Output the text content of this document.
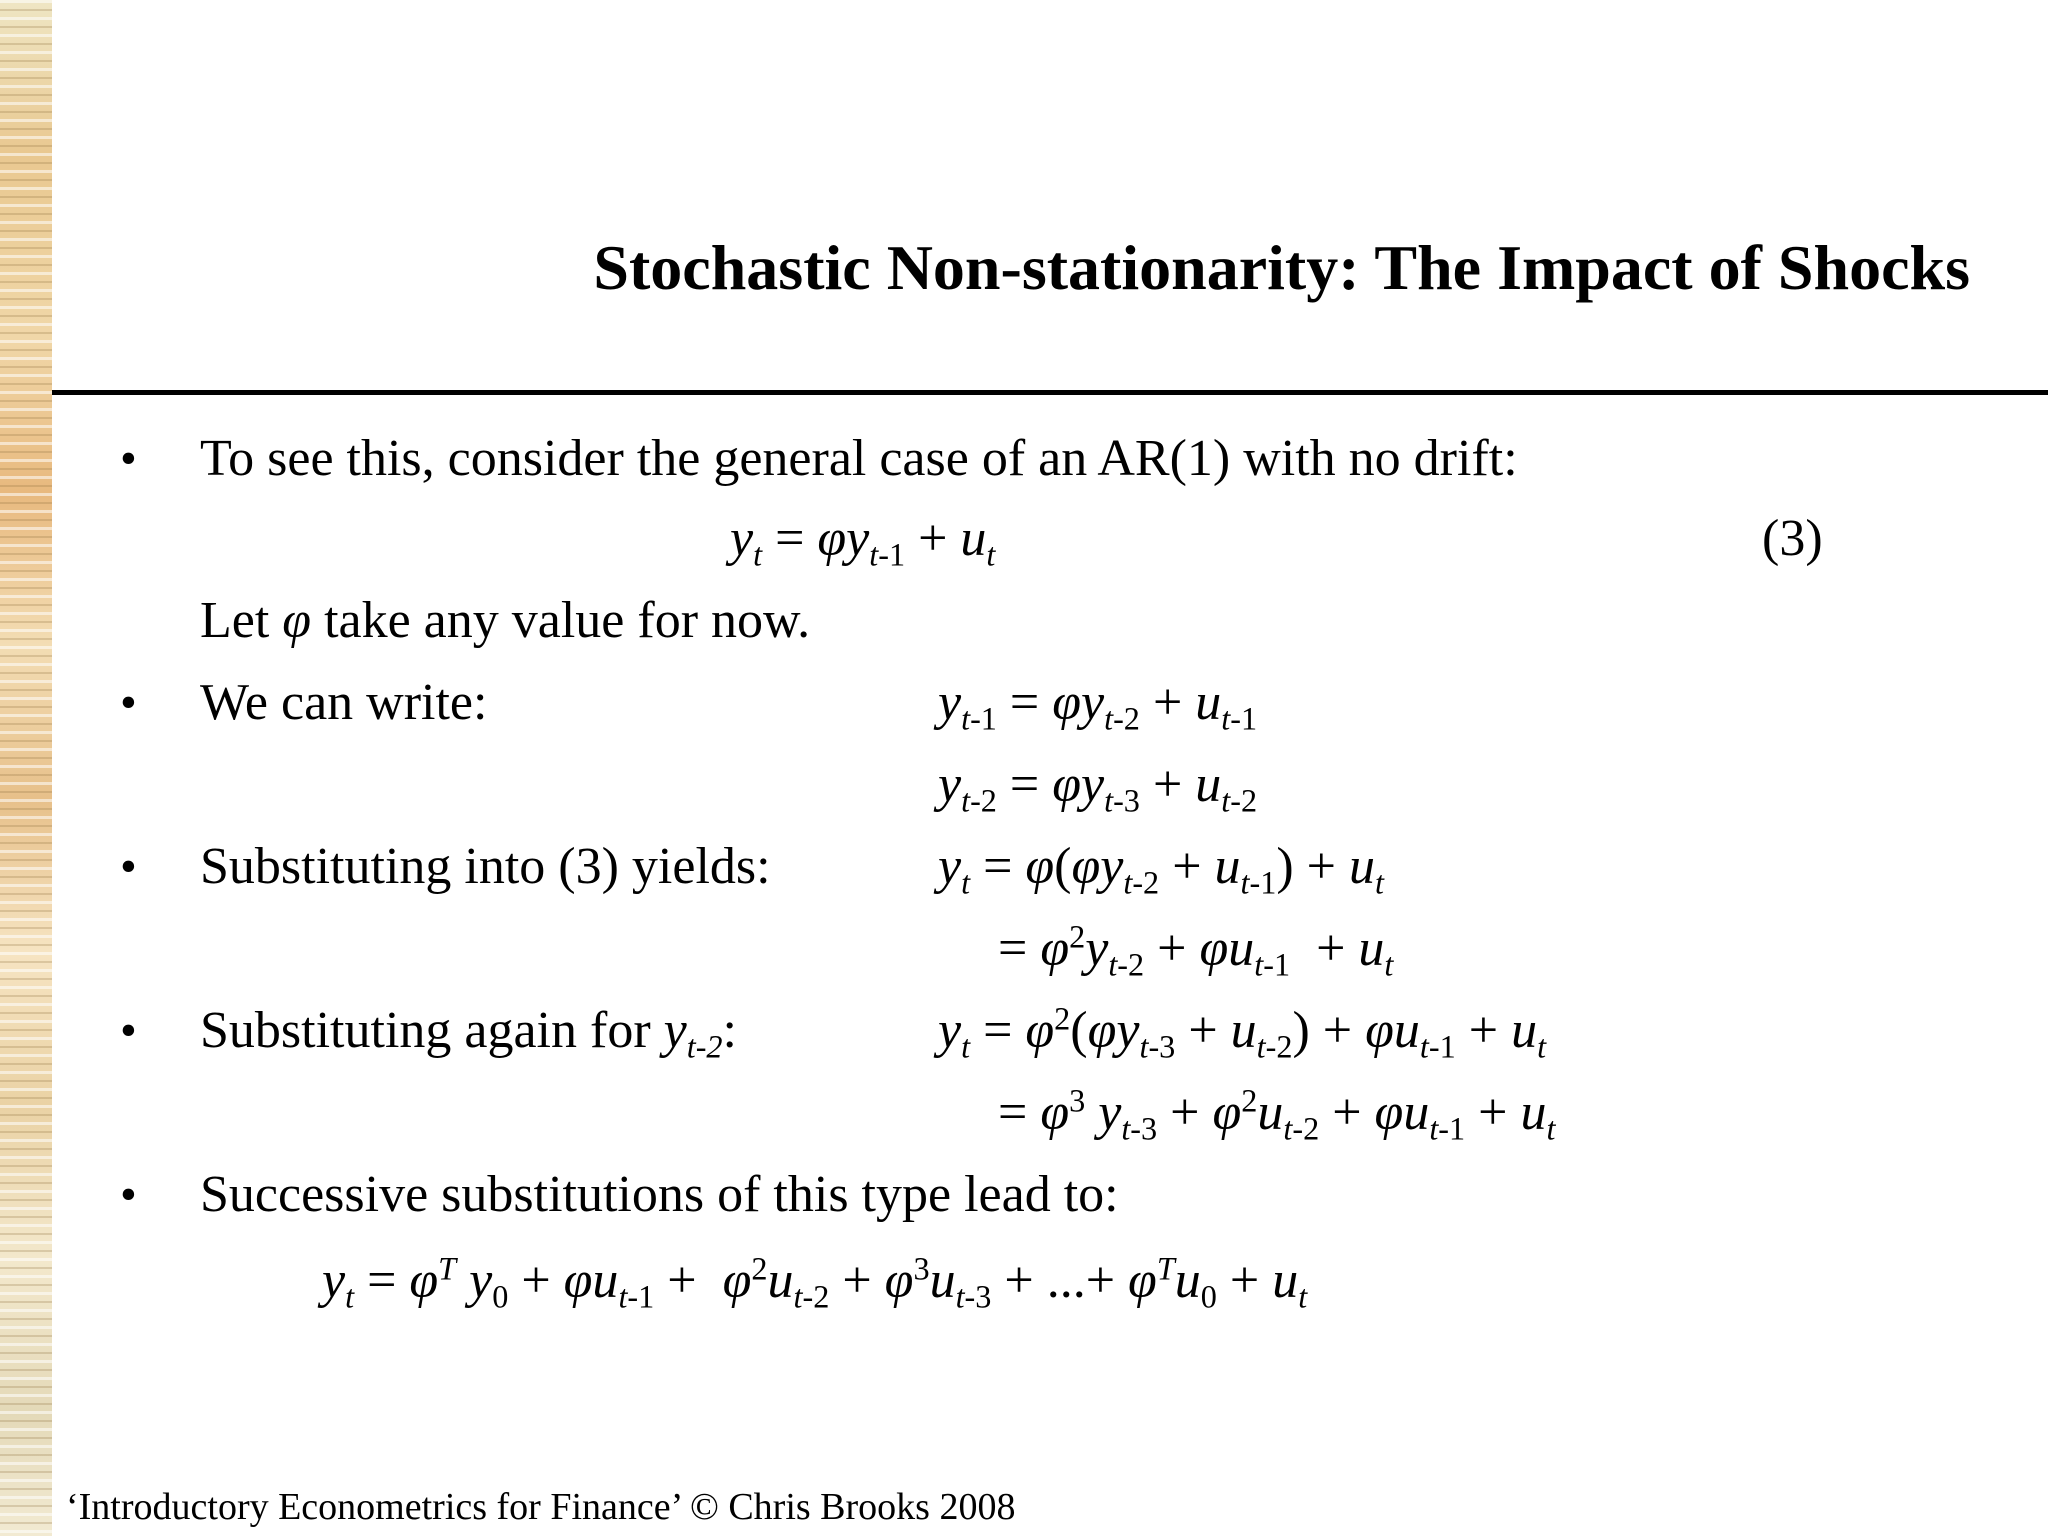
Stochastic Non-stationarity: The Impact of Shocks
• To see this, consider the general case of an AR(1) with no drift:
$y_t = \varphi y_{t-1} + u_t$	(3)
Let φ take any value for now.
• We can write:	$y_{t-1} = \varphi y_{t-2} + u_{t-1}$
$y_{t-2} = \varphi y_{t-3} + u_{t-2}$
• Substituting into (3) yields:	$y_t = \varphi(\varphi y_{t-2} + u_{t-1}) + u_t$
= $\varphi^2y_{t-2} + \varphi u_{t-1} + u_t$
• Substituting again for $y_{t-2}$:	$y_t = \varphi^2(\varphi y_{t-3} + u_{t-2}) + \varphi u_{t-1} + u_t$
= $\varphi^3$ $y_{t-3} + \varphi^2u_{t-2} + \varphi u_{t-1} + u_t$
• Successive substitutions of this type lead to:
$y_t = \varphi^T$ $y_0 + \varphi u_{t-1} + \varphi^2u_{t-2} + \varphi^3u_{t-3}$ + ...+ $\varphi^Tu_0 + u_t$
‘Introductory Econometrics for Finance’ © Chris Brooks 2008
